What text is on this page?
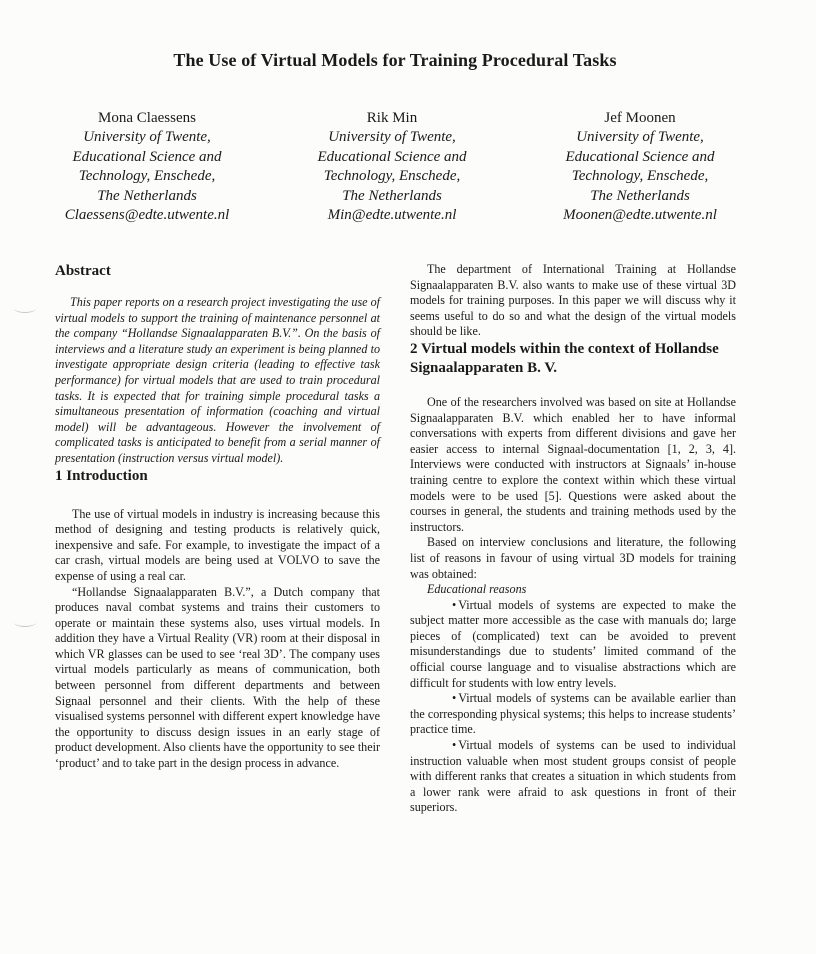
The Use of Virtual Models for Training Procedural Tasks
Mona Claessens
University of Twente,
Educational Science and
Technology, Enschede,
The Netherlands
Claessens@edte.utwente.nl
Rik Min
University of Twente,
Educational Science and
Technology, Enschede,
The Netherlands
Min@edte.utwente.nl
Jef Moonen
University of Twente,
Educational Science and
Technology, Enschede,
The Netherlands
Moonen@edte.utwente.nl
Abstract

This paper reports on a research project investigating the use of virtual models to support the training of maintenance personnel at the company “Hollandse Signaalapparaten B.V.”. On the basis of interviews and a literature study an experiment is being planned to investigate appropriate design criteria (leading to effective task performance) for virtual models that are used to train procedural tasks. It is expected that for training simple procedural tasks a simultaneous presentation of information (coaching and virtual model) will be advantageous. However the involvement of complicated tasks is anticipated to benefit from a serial manner of presentation (instruction versus virtual model).

1 Introduction

The use of virtual models in industry is increasing because this method of designing and testing products is relatively quick, inexpensive and safe. For example, to investigate the impact of a car crash, virtual models are being used at VOLVO to save the expense of using a real car.

“Hollandse Signaalapparaten B.V.”, a Dutch company that produces naval combat systems and trains their customers to operate or maintain these systems also, uses virtual models. In addition they have a Virtual Reality (VR) room at their disposal in which VR glasses can be used to see ‘real 3D’. The company uses virtual models particularly as means of communication, both between personnel from different departments and between Signaal personnel and their clients. With the help of these visualised systems personnel with different expert knowledge have the opportunity to discuss design issues in an early stage of product development. Also clients have the opportunity to see their ‘product’ and to take part in the design process in advance.

The department of International Training at Hollandse Signaalapparaten B.V. also wants to make use of these virtual 3D models for training purposes. In this paper we will discuss why it seems useful to do so and what the design of the virtual models should be like.

2 Virtual models within the context of Hollandse Signaalapparaten B. V.

One of the researchers involved was based on site at Hollandse Signaalapparaten B.V. which enabled her to have informal conversations with experts from different divisions and gave her easier access to internal Signaal-documentation [1, 2, 3, 4]. Interviews were conducted with instructors at Signaals’ in-house training centre to explore the context within which these virtual models were to be used [5]. Questions were asked about the courses in general, the students and training methods used by the instructors.

Based on interview conclusions and literature, the following list of reasons in favour of using virtual 3D models for training was obtained:

Educational reasons

• Virtual models of systems are expected to make the subject matter more accessible as the case with manuals do; large pieces of (complicated) text can be avoided to prevent misunderstandings due to students’ limited command of the official course language and to visualise abstractions which are difficult for students with low entry levels.

• Virtual models of systems can be available earlier than the corresponding physical systems; this helps to increase students’ practice time.

• Virtual models of systems can be used to individual instruction valuable when most student groups consist of people with different ranks that creates a situation in which students from a lower rank were afraid to ask questions in front of their superiors.
